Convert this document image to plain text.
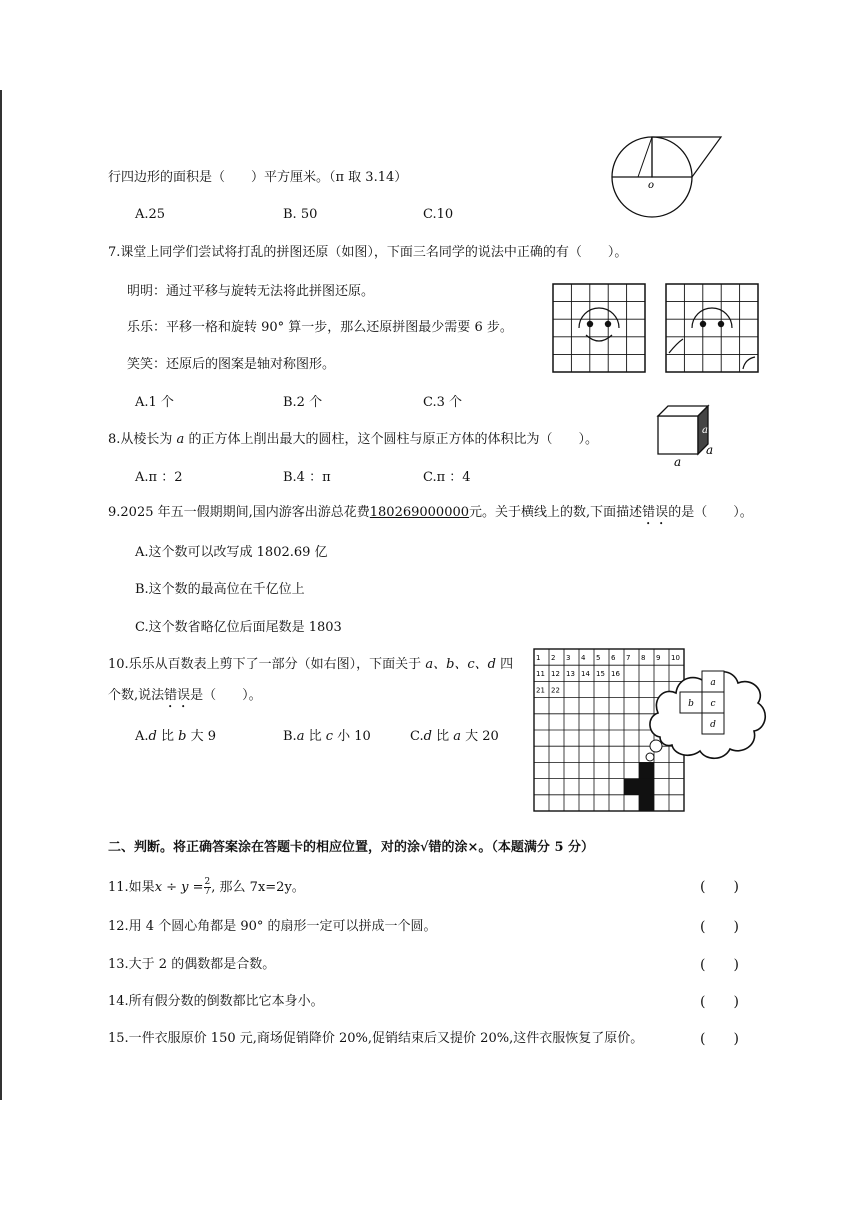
行四边形的面积是（　　）平方厘米。（π 取 3.14）
A.25	B. 50	C.10
o
7.课堂上同学们尝试将打乱的拼图还原（如图），下面三名同学的说法中正确的有（　　）。
明明：通过平移与旋转无法将此拼图还原。
乐乐：平移一格和旋转 90° 算一步，那么还原拼图最少需要 6 步。
笑笑：还原后的图案是轴对称图形。
A.1 个	B.2 个	C.3 个
8.从棱长为 a 的正方体上削出最大的圆柱，这个圆柱与原正方体的体积比为（　　）。
A.π ：2	B.4 ：π	C.π ：4
a
a
a
9.2025 年五一假期期间,国内游客出游总花费180269000000元。关于横线上的数,下面描述错误的是（　　）。
A.这个数可以改写成 1802.69 亿
B.这个数的最高位在千亿位上
C.这个数省略亿位后面尾数是 1803
10.乐乐从百数表上剪下了一部分（如右图），下面关于 a、b、c、d 四
个数,说法错误是（　　）。
A.d 比 b 大 9	B.a 比 c 小 10	C.d 比 a 大 20
1 2 3 4 5 6 7 8 9 10
11 12 13 14 15 16
21 22
a
b c
d
二、判断。将正确答案涂在答题卡的相应位置，对的涂√错的涂×。（本题满分 5 分）
11.如果$x \div y = \frac{2}{7}$ , 那么 7x=2y。
12.用 4 个圆心角都是 90° 的扇形一定可以拼成一个圆。
13.大于 2 的偶数都是合数。
14.所有假分数的倒数都比它本身小。
15.一件衣服原价 150 元,商场促销降价 20%,促销结束后又提价 20%,这件衣服恢复了原价。
(　　)
(　　)
(　　)
(　　)
(　　)
